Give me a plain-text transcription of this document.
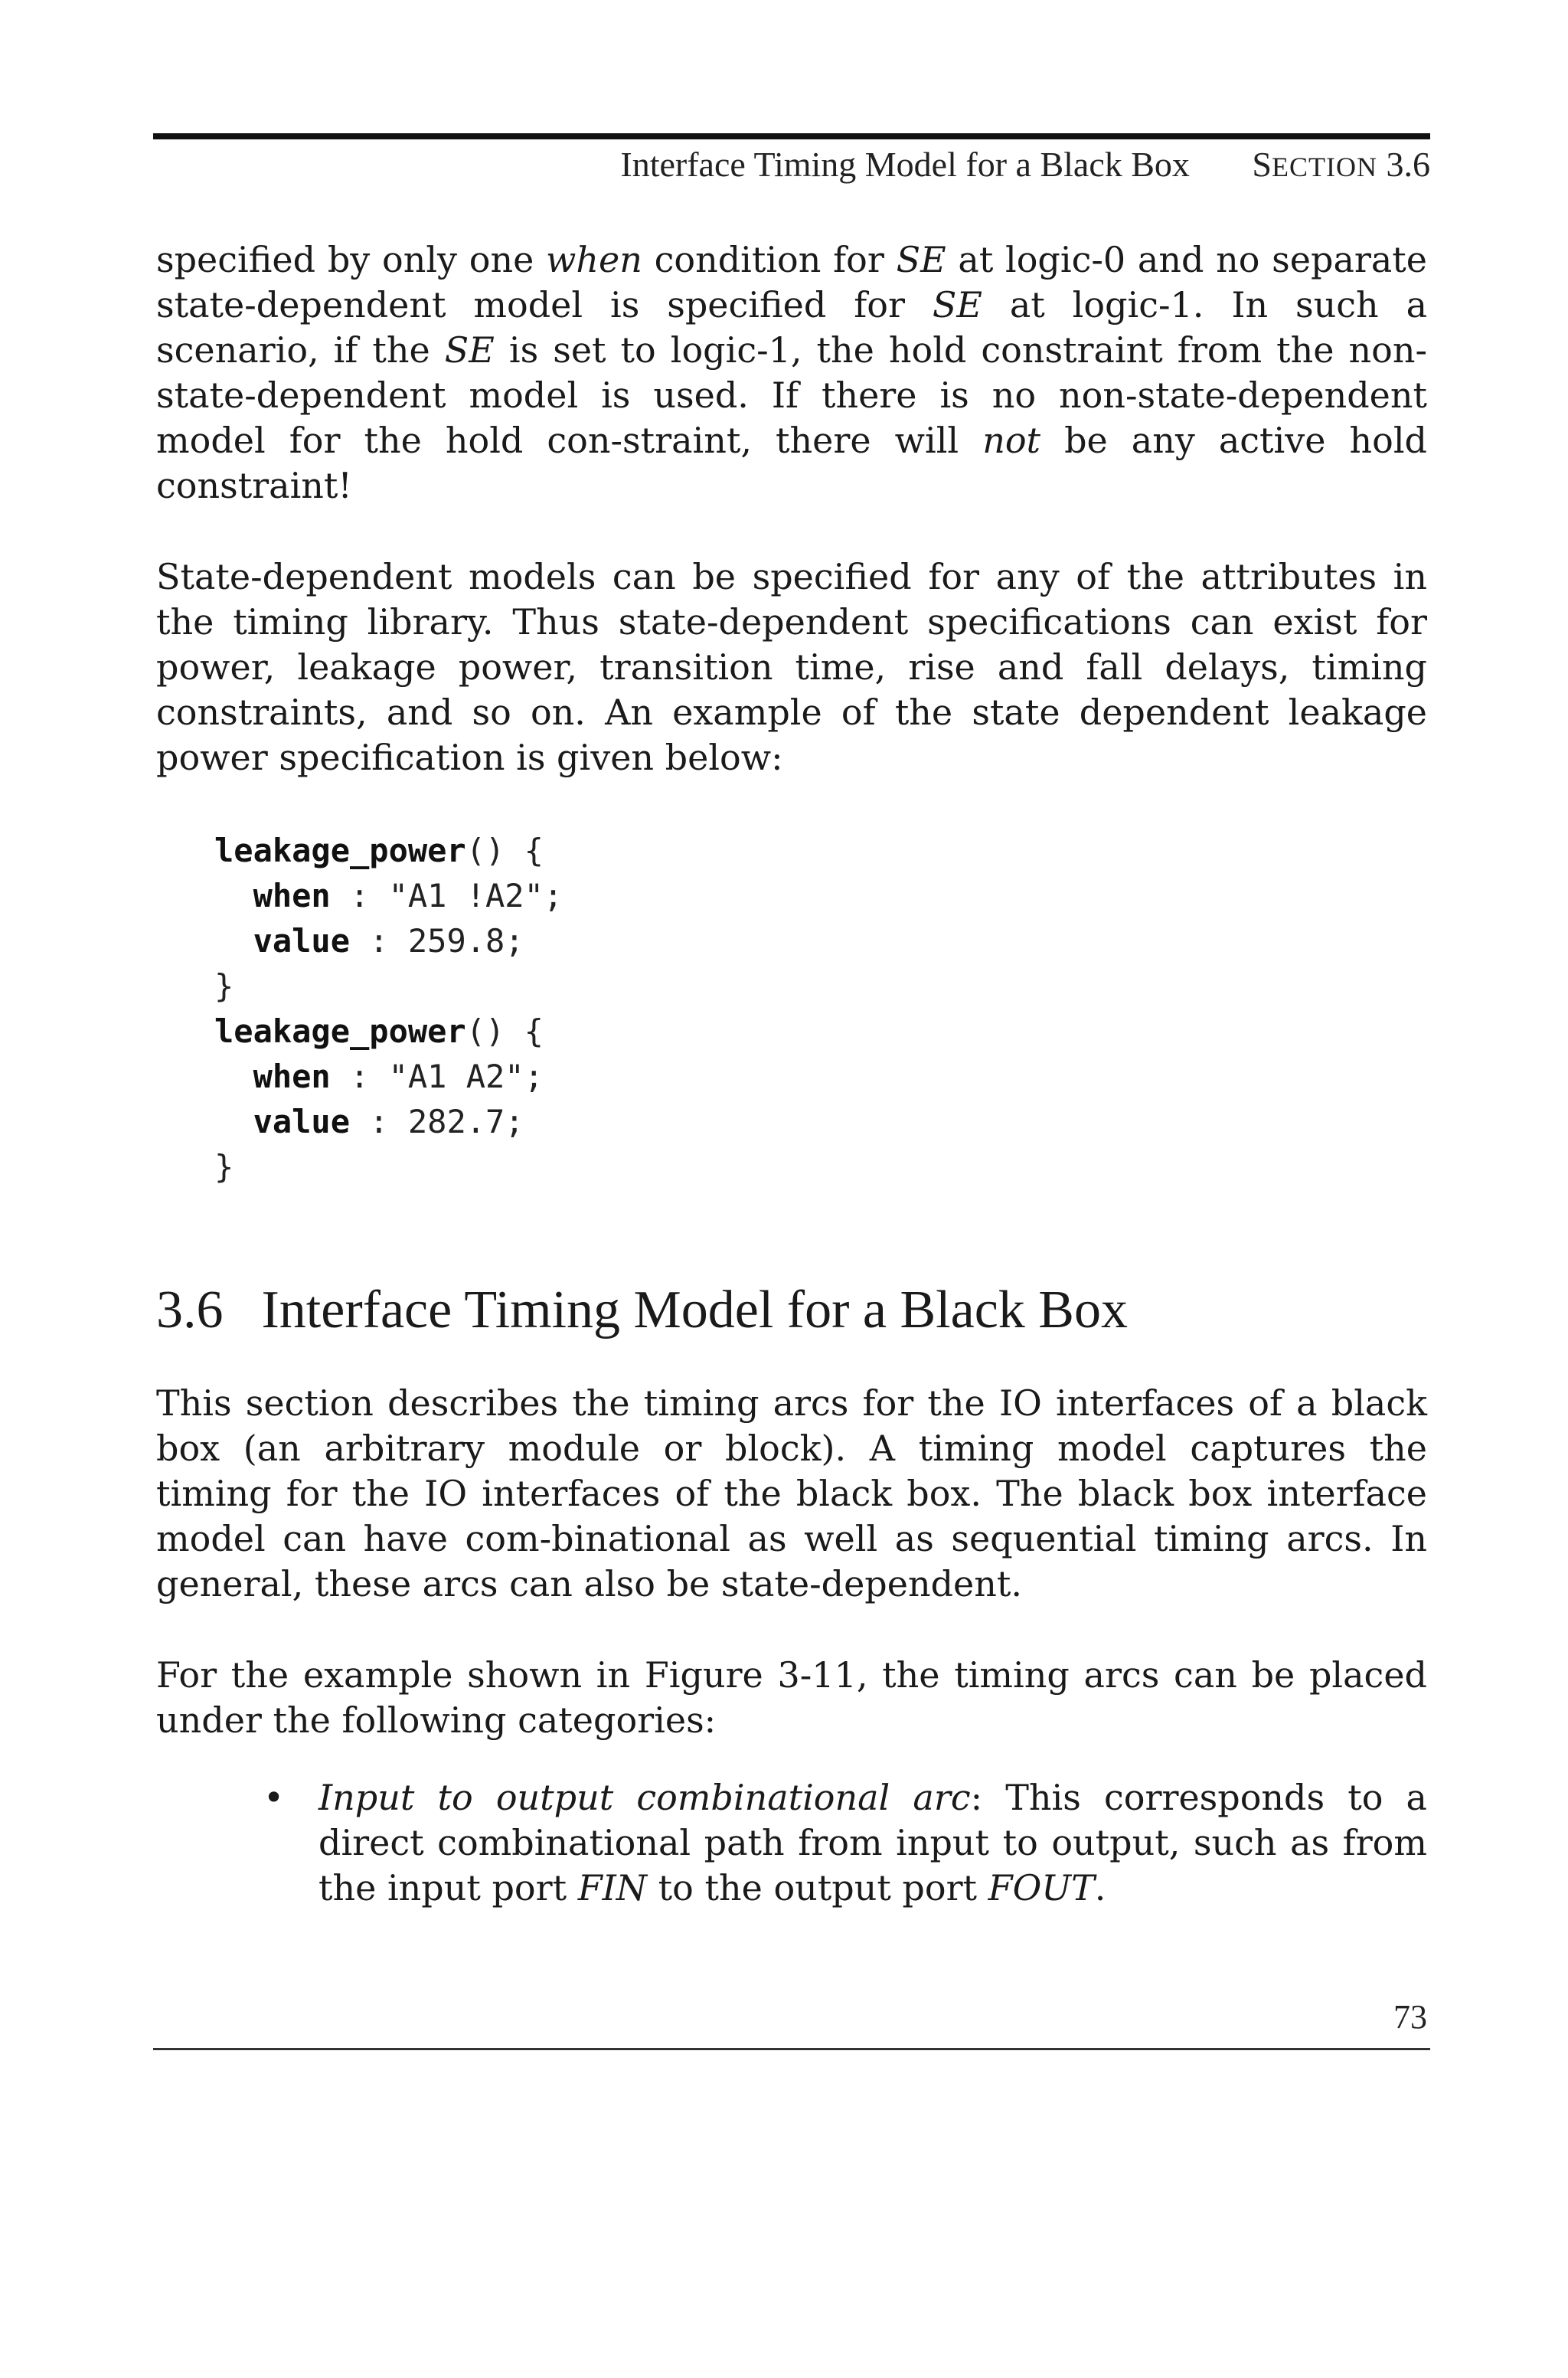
Interface Timing Model for a Black Box SECTION 3.6

specified by only one when condition for SE at logic-0 and no separate state-dependent model is specified for SE at logic-1. In such a scenario, if the SE is set to logic-1, the hold constraint from the non-state-dependent model is used. If there is no non-state-dependent model for the hold con-straint, there will not be any active hold constraint!

State-dependent models can be specified for any of the attributes in the timing library. Thus state-dependent specifications can exist for power, leakage power, transition time, rise and fall delays, timing constraints, and so on. An example of the state dependent leakage power specification is given below:

leakage_power() {
when : "A1 !A2";
value : 259.8;
}
leakage_power() {
when : "A1 A2";
value : 282.7;
}
3.6 Interface Timing Model for a Black Box

This section describes the timing arcs for the IO interfaces of a black box (an arbitrary module or block). A timing model captures the timing for the IO interfaces of the black box. The black box interface model can have com-binational as well as sequential timing arcs. In general, these arcs can also be state-dependent.

For the example shown in Figure 3-11, the timing arcs can be placed under the following categories:

• Input to output combinational arc: This corresponds to a direct combinational path from input to output, such as from the input port FIN to the output port FOUT.

73
